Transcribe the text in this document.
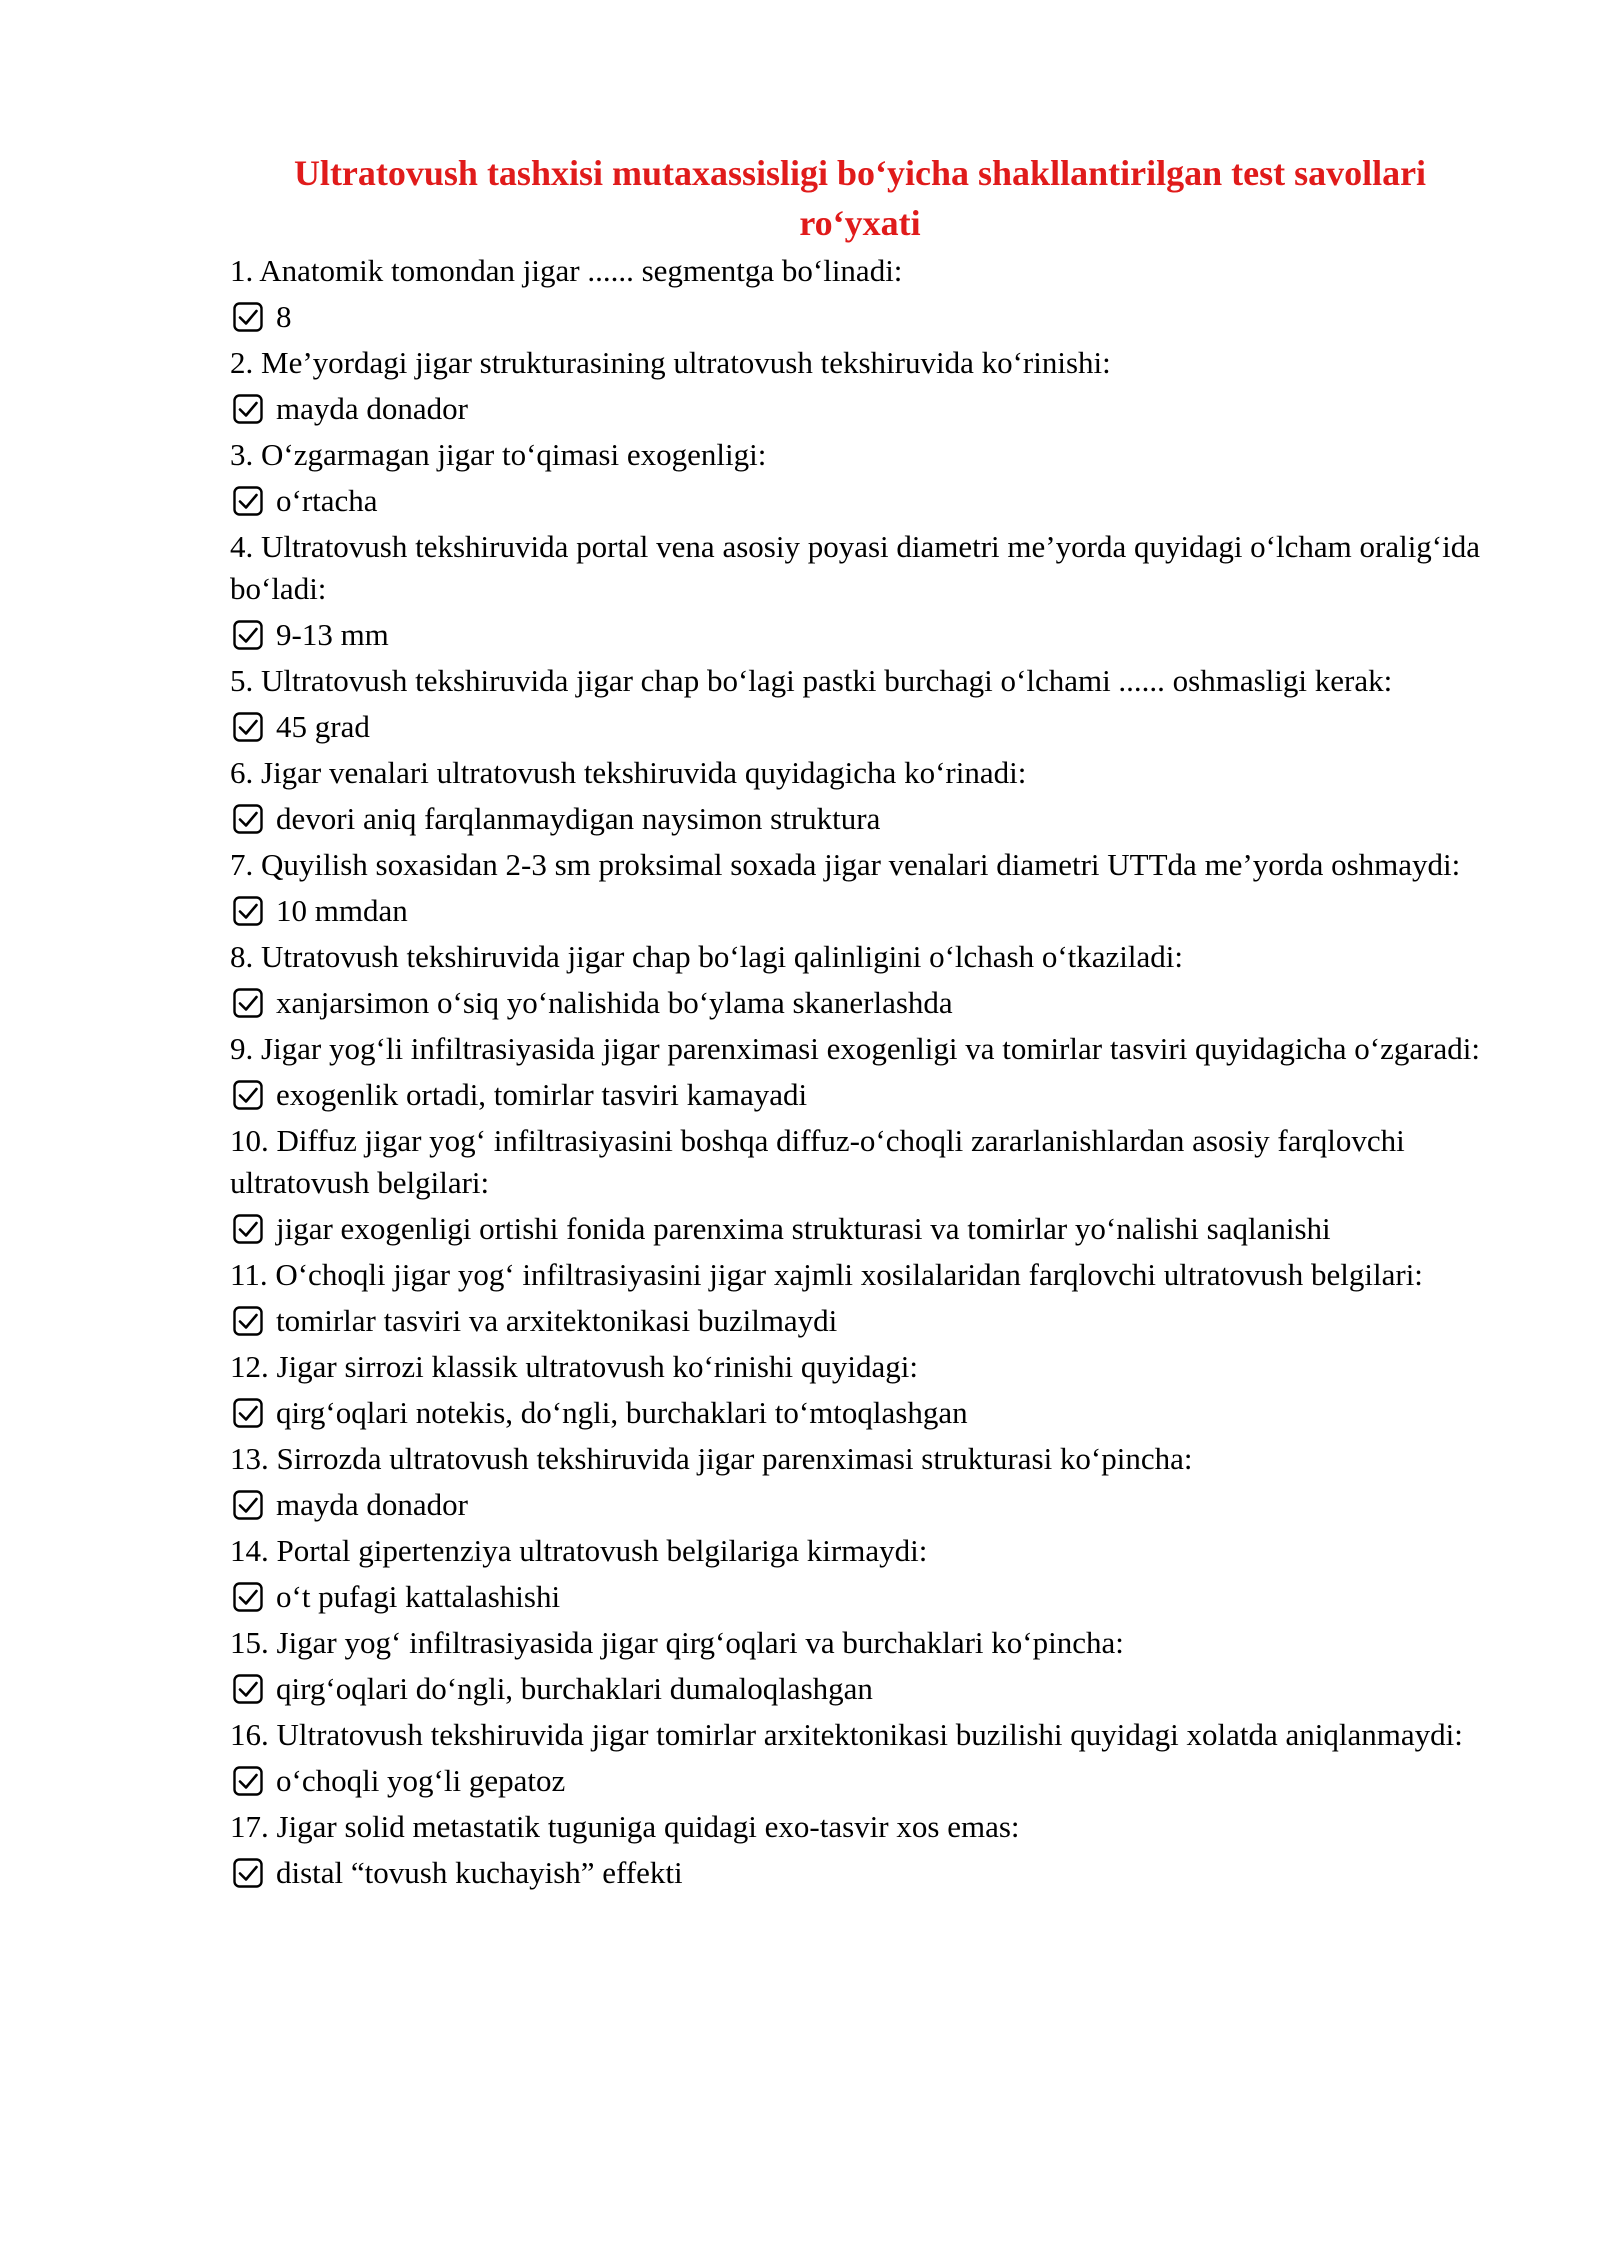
Ultratovush tashxisi mutaxassisligi bo‘yicha shakllantirilgan test savollari ro‘yxati

1. Anatomik tomondan jigar ...... segmentga bo‘linadi:

8

2. Me’yordagi jigar strukturasining ultratovush tekshiruvida ko‘rinishi:

mayda donador

3. O‘zgarmagan jigar to‘qimasi exogenligi:

o‘rtacha

4. Ultratovush tekshiruvida portal vena asosiy poyasi diametri me’yorda quyidagi o‘lcham oralig‘ida bo‘ladi:

9-13 mm

5. Ultratovush tekshiruvida jigar chap bo‘lagi pastki burchagi o‘lchami ...... oshmasligi kerak:

45 grad

6. Jigar venalari ultratovush tekshiruvida quyidagicha ko‘rinadi:

devori aniq farqlanmaydigan naysimon struktura

7. Quyilish soxasidan 2-3 sm proksimal soxada jigar venalari diametri UTTda me’yorda oshmaydi:

10 mmdan

8. Utratovush tekshiruvida jigar chap bo‘lagi qalinligini o‘lchash o‘tkaziladi:

xanjarsimon o‘siq yo‘nalishida bo‘ylama skanerlashda

9. Jigar yog‘li infiltrasiyasida jigar parenximasi exogenligi va tomirlar tasviri quyidagicha o‘zgaradi:

exogenlik ortadi, tomirlar tasviri kamayadi

10. Diffuz jigar yog‘ infiltrasiyasini boshqa diffuz-o‘choqli zararlanishlardan asosiy farqlovchi ultratovush belgilari:

jigar exogenligi ortishi fonida parenxima strukturasi va tomirlar yo‘nalishi saqlanishi

11. O‘choqli jigar yog‘ infiltrasiyasini jigar xajmli xosilalaridan farqlovchi ultratovush belgilari:

tomirlar tasviri va arxitektonikasi buzilmaydi

12. Jigar sirrozi klassik ultratovush ko‘rinishi quyidagi:

qirg‘oqlari notekis, do‘ngli, burchaklari to‘mtoqlashgan

13. Sirrozda ultratovush tekshiruvida jigar parenximasi strukturasi ko‘pincha:

mayda donador

14. Portal gipertenziya ultratovush belgilariga kirmaydi:

o‘t pufagi kattalashishi

15. Jigar yog‘ infiltrasiyasida jigar qirg‘oqlari va burchaklari ko‘pincha:

qirg‘oqlari do‘ngli, burchaklari dumaloqlashgan

16. Ultratovush tekshiruvida jigar tomirlar arxitektonikasi buzilishi quyidagi xolatda aniqlanmaydi:

o‘choqli yog‘li gepatoz

17. Jigar solid metastatik tuguniga quidagi exo-tasvir xos emas:

distal “tovush kuchayish” effekti
